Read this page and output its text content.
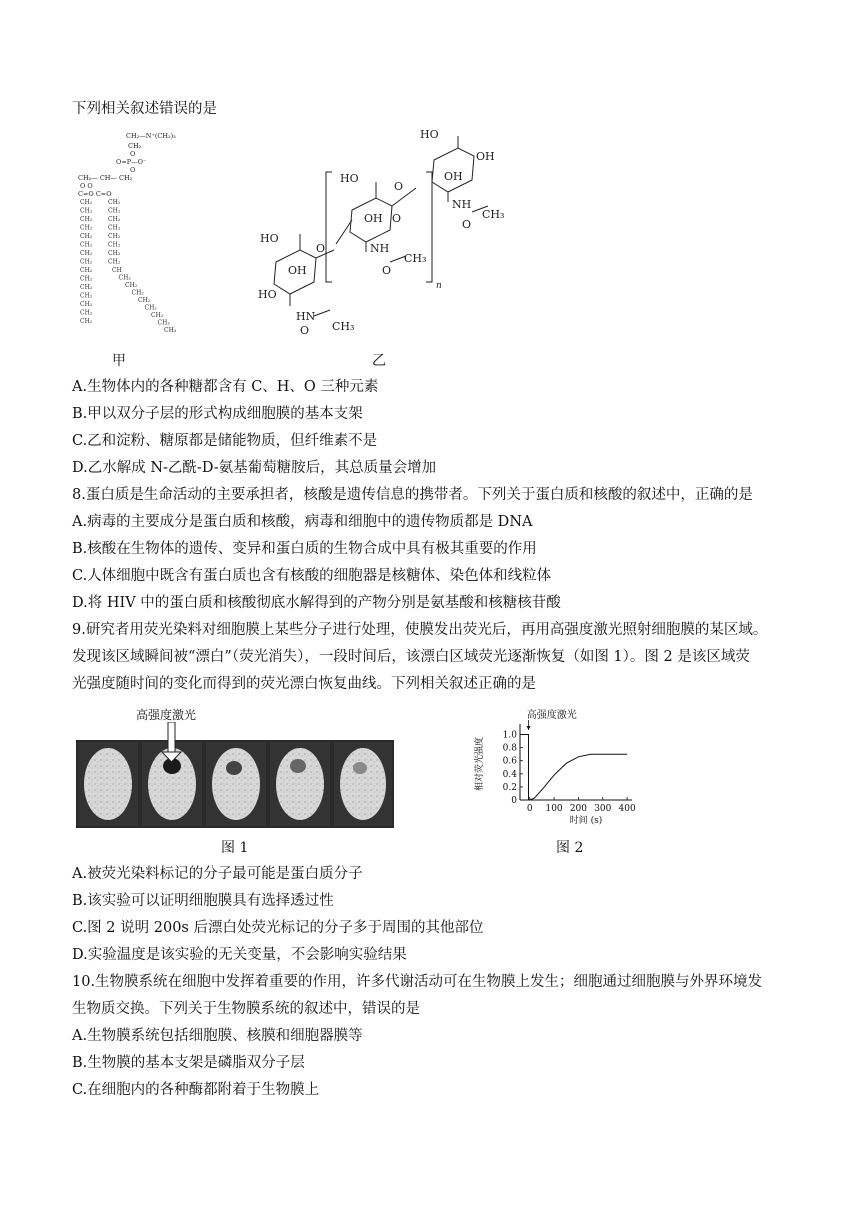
下列相关叙述错误的是
CH₂—N⁺(CH₃)₃
CH₂
O
O=P—O⁻
O
CH₂— CH— CH₂
O O
C=O C=O
CH₂
CH₂
CH₂
CH₂
CH₂
CH₂
CH₂
CH₂
CH₂
CH₂
CH₂
CH₂
CH₂
CH₂
CH₂
CH₂
CH₂
CH₂
CH₂
CH₂
CH₂
CH₂
CH₂
CH
CH₂
CH₂
CH₂
CH₂
CH₂
CH₂
CH₂
CH₃
甲
HO
OH
HO
HN
O CH₃
O
HO
OH
NH
O
CH₃
O
HO
O
OH
OH
NH
O
CH₃
n
乙
A.生物体内的各种糖都含有 C、H、O 三种元素
B.甲以双分子层的形式构成细胞膜的基本支架
C.乙和淀粉、糖原都是储能物质，但纤维素不是
D.乙水解成 N-乙酰-D-氨基葡萄糖胺后，其总质量会增加
8.蛋白质是生命活动的主要承担者，核酸是遗传信息的携带者。下列关于蛋白质和核酸的叙述中，正确的是
A.病毒的主要成分是蛋白质和核酸，病毒和细胞中的遗传物质都是 DNA
B.核酸在生物体的遗传、变异和蛋白质的生物合成中具有极其重要的作用
C.人体细胞中既含有蛋白质也含有核酸的细胞器是核糖体、染色体和线粒体
D.将 HIV 中的蛋白质和核酸彻底水解得到的产物分别是氨基酸和核糖核苷酸
9.研究者用荧光染料对细胞膜上某些分子进行处理，使膜发出荧光后，再用高强度激光照射细胞膜的某区域。
发现该区域瞬间被“漂白”（荧光消失），一段时间后，该漂白区域荧光逐渐恢复（如图 1）。图 2 是该区域荧
光强度随时间的变化而得到的荧光漂白恢复曲线。下列相关叙述正确的是
高强度激光
图 1
0
0.2
0.4
0.6
0.8
1.0
0 100 200 300 400
相对荧光强度
时间 (s)
高强度激光
图 2
A.被荧光染料标记的分子最可能是蛋白质分子
B.该实验可以证明细胞膜具有选择透过性
C.图 2 说明 200s 后漂白处荧光标记的分子多于周围的其他部位
D.实验温度是该实验的无关变量，不会影响实验结果
10.生物膜系统在细胞中发挥着重要的作用，许多代谢活动可在生物膜上发生；细胞通过细胞膜与外界环境发
生物质交换。下列关于生物膜系统的叙述中，错误的是
A.生物膜系统包括细胞膜、核膜和细胞器膜等
B.生物膜的基本支架是磷脂双分子层
C.在细胞内的各种酶都附着于生物膜上
